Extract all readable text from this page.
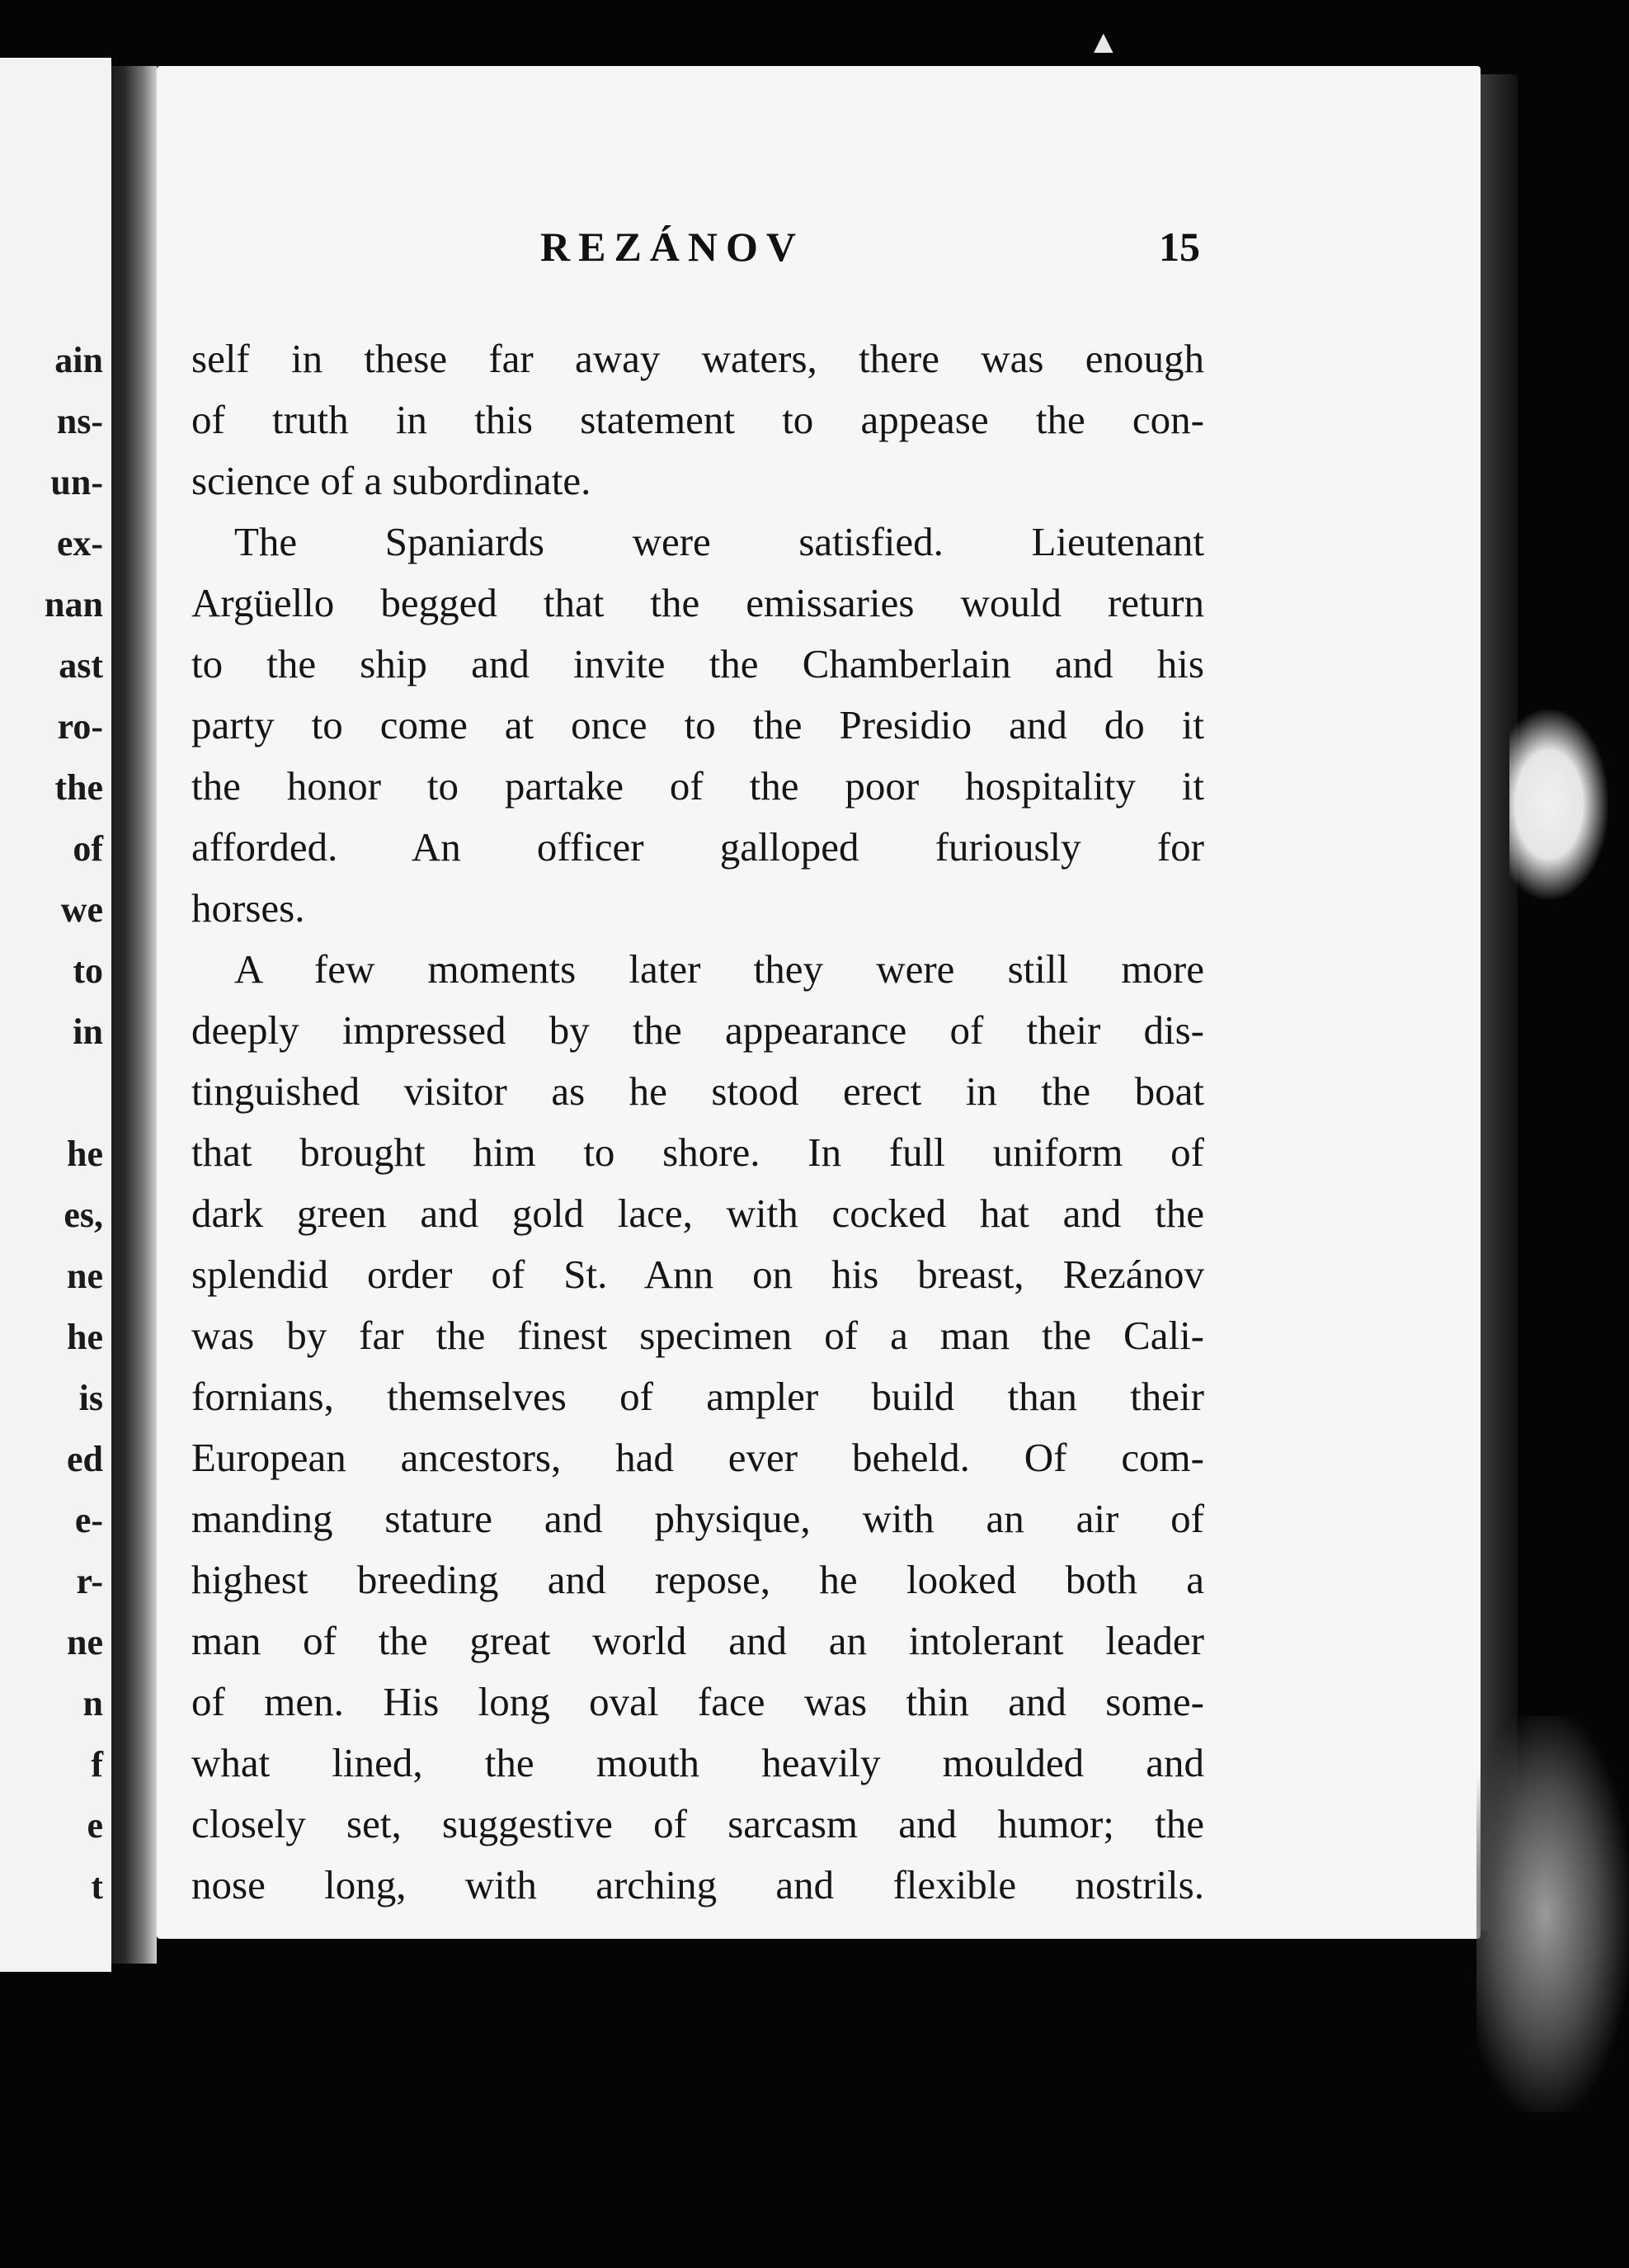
▲
ain
ns-
un-
ex-
nan
ast
ro-
the
of
we
to
in
he
es,
ne
he
is
ed
e-
r-
ne
n
f
e
t
REZÁNOV	15
self in these far away waters, there was enough
of truth in this statement to appease the con-
science of a subordinate.
The Spaniards were satisfied. Lieutenant
Argüello begged that the emissaries would return
to the ship and invite the Chamberlain and his
party to come at once to the Presidio and do it
the honor to partake of the poor hospitality it
afforded. An officer galloped furiously for
horses.
A few moments later they were still more
deeply impressed by the appearance of their dis-
tinguished visitor as he stood erect in the boat
that brought him to shore. In full uniform of
dark green and gold lace, with cocked hat and the
splendid order of St. Ann on his breast, Rezánov
was by far the finest specimen of a man the Cali-
fornians, themselves of ampler build than their
European ancestors, had ever beheld. Of com-
manding stature and physique, with an air of
highest breeding and repose, he looked both a
man of the great world and an intolerant leader
of men. His long oval face was thin and some-
what lined, the mouth heavily moulded and
closely set, suggestive of sarcasm and humor; the
nose long, with arching and flexible nostrils.
